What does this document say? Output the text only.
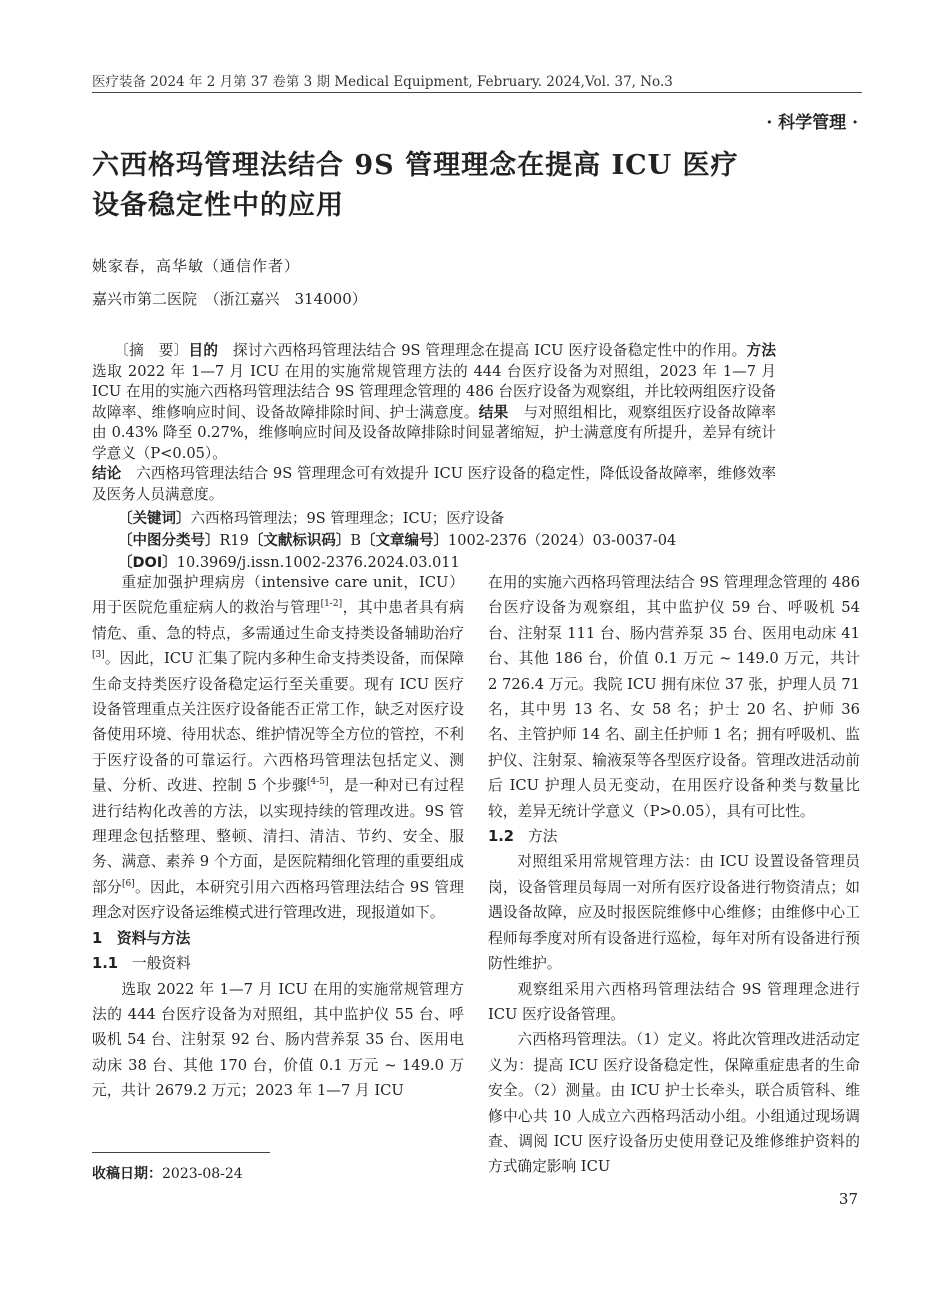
医疗装备 2024 年 2 月第 37 卷第 3 期 Medical Equipment, February. 2024,Vol. 37, No.3
· 科学管理 ·
六西格玛管理法结合 9S 管理理念在提高 ICU 医疗
设备稳定性中的应用
姚家春，高华敏（通信作者）
嘉兴市第二医院　（浙江嘉兴　314000）
〔摘　要〕目的　 探讨六西格玛管理法结合 9S 管理理念在提高 ICU 医疗设备稳定性中的作用。方法　选取 2022 年 1—7 月 ICU 在用的实施常规管理方法的 444 台医疗设备为对照组，2023 年 1—7 月 ICU 在用的实施六西格玛管理法结合 9S 管理理念管理的 486 台医疗设备为观察组，并比较两组医疗设备故障率、维修响应时间、设备故障排除时间、护士满意度。结果　 与对照组相比，观察组医疗设备故障率由 0.43% 降至 0.27%，维修响应时间及设备故障排除时间显著缩短，护士满意度有所提升，差异有统计学意义（P<0.05）。
结论　 六西格玛管理法结合 9S 管理理念可有效提升 ICU 医疗设备的稳定性，降低设备故障率，维修效率及医务人员满意度。
〔关键词〕六西格玛管理法；9S 管理理念；ICU；医疗设备
〔中图分类号〕R19〔文献标识码〕B〔文章编号〕1002-2376（2024）03-0037-04
〔DOI〕10.3969/j.issn.1002-2376.2024.03.011

重症加强护理病房（intensive care unit，ICU）用于医院危重症病人的救治与管理[1-2]，其中患者具有病情危、重、急的特点，多需通过生命支持类设备辅助治疗[3]。因此，ICU 汇集了院内多种生命支持类设备，而保障生命支持类医疗设备稳定运行至关重要。现有 ICU 医疗设备管理重点关注医疗设备能否正常工作，缺乏对医疗设备使用环境、待用状态、维护情况等全方位的管控，不利于医疗设备的可靠运行。六西格玛管理法包括定义、测量、分析、改进、控制 5 个步骤[4-5]，是一种对已有过程进行结构化改善的方法，以实现持续的管理改进。9S 管理理念包括整理、整顿、清扫、清洁、节约、安全、服务、满意、素养 9 个方面，是医院精细化管理的重要组成部分[6]。因此，本研究引用六西格玛管理法结合 9S 管理理念对医疗设备运维模式进行管理改进，现报道如下。

1　资料与方法
1.1 一般资料

选取 2022 年 1—7 月 ICU 在用的实施常规管理方法的 444 台医疗设备为对照组，其中监护仪 55 台、呼吸机 54 台、注射泵 92 台、肠内营养泵 35 台、医用电动床 38 台、其他 170 台，价值 0.1 万元 ~ 149.0 万元，共计 2679.2 万元；2023 年 1—7 月 ICU

在用的实施六西格玛管理法结合 9S 管理理念管理的 486 台医疗设备为观察组，其中监护仪 59 台、呼吸机 54 台、注射泵 111 台、肠内营养泵 35 台、医用电动床 41 台、其他 186 台，价值 0.1 万元 ~ 149.0 万元，共计 2 726.4 万元。我院 ICU 拥有床位 37 张，护理人员 71 名，其中男 13 名、女 58 名；护士 20 名、护师 36 名、主管护师 14 名、副主任护师 1 名；拥有呼吸机、监护仪、注射泵、输液泵等各型医疗设备。管理改进活动前后 ICU 护理人员无变动，在用医疗设备种类与数量比较，差异无统计学意义（P>0.05），具有可比性。

1.2 方法

对照组采用常规管理方法：由 ICU 设置设备管理员岗，设备管理员每周一对所有医疗设备进行物资清点；如遇设备故障，应及时报医院维修中心维修；由维修中心工程师每季度对所有设备进行巡检，每年对所有设备进行预防性维护。

观察组采用六西格玛管理法结合 9S 管理理念进行 ICU 医疗设备管理。

六西格玛管理法。（1）定义。将此次管理改进活动定义为：提高 ICU 医疗设备稳定性，保障重症患者的生命安全。（2）测量。由 ICU 护士长牵头，联合质管科、维修中心共 10 人成立六西格玛活动小组。小组通过现场调查、调阅 ICU 医疗设备历史使用登记及维修维护资料的方式确定影响 ICU

收稿日期：2023-08-24
37
